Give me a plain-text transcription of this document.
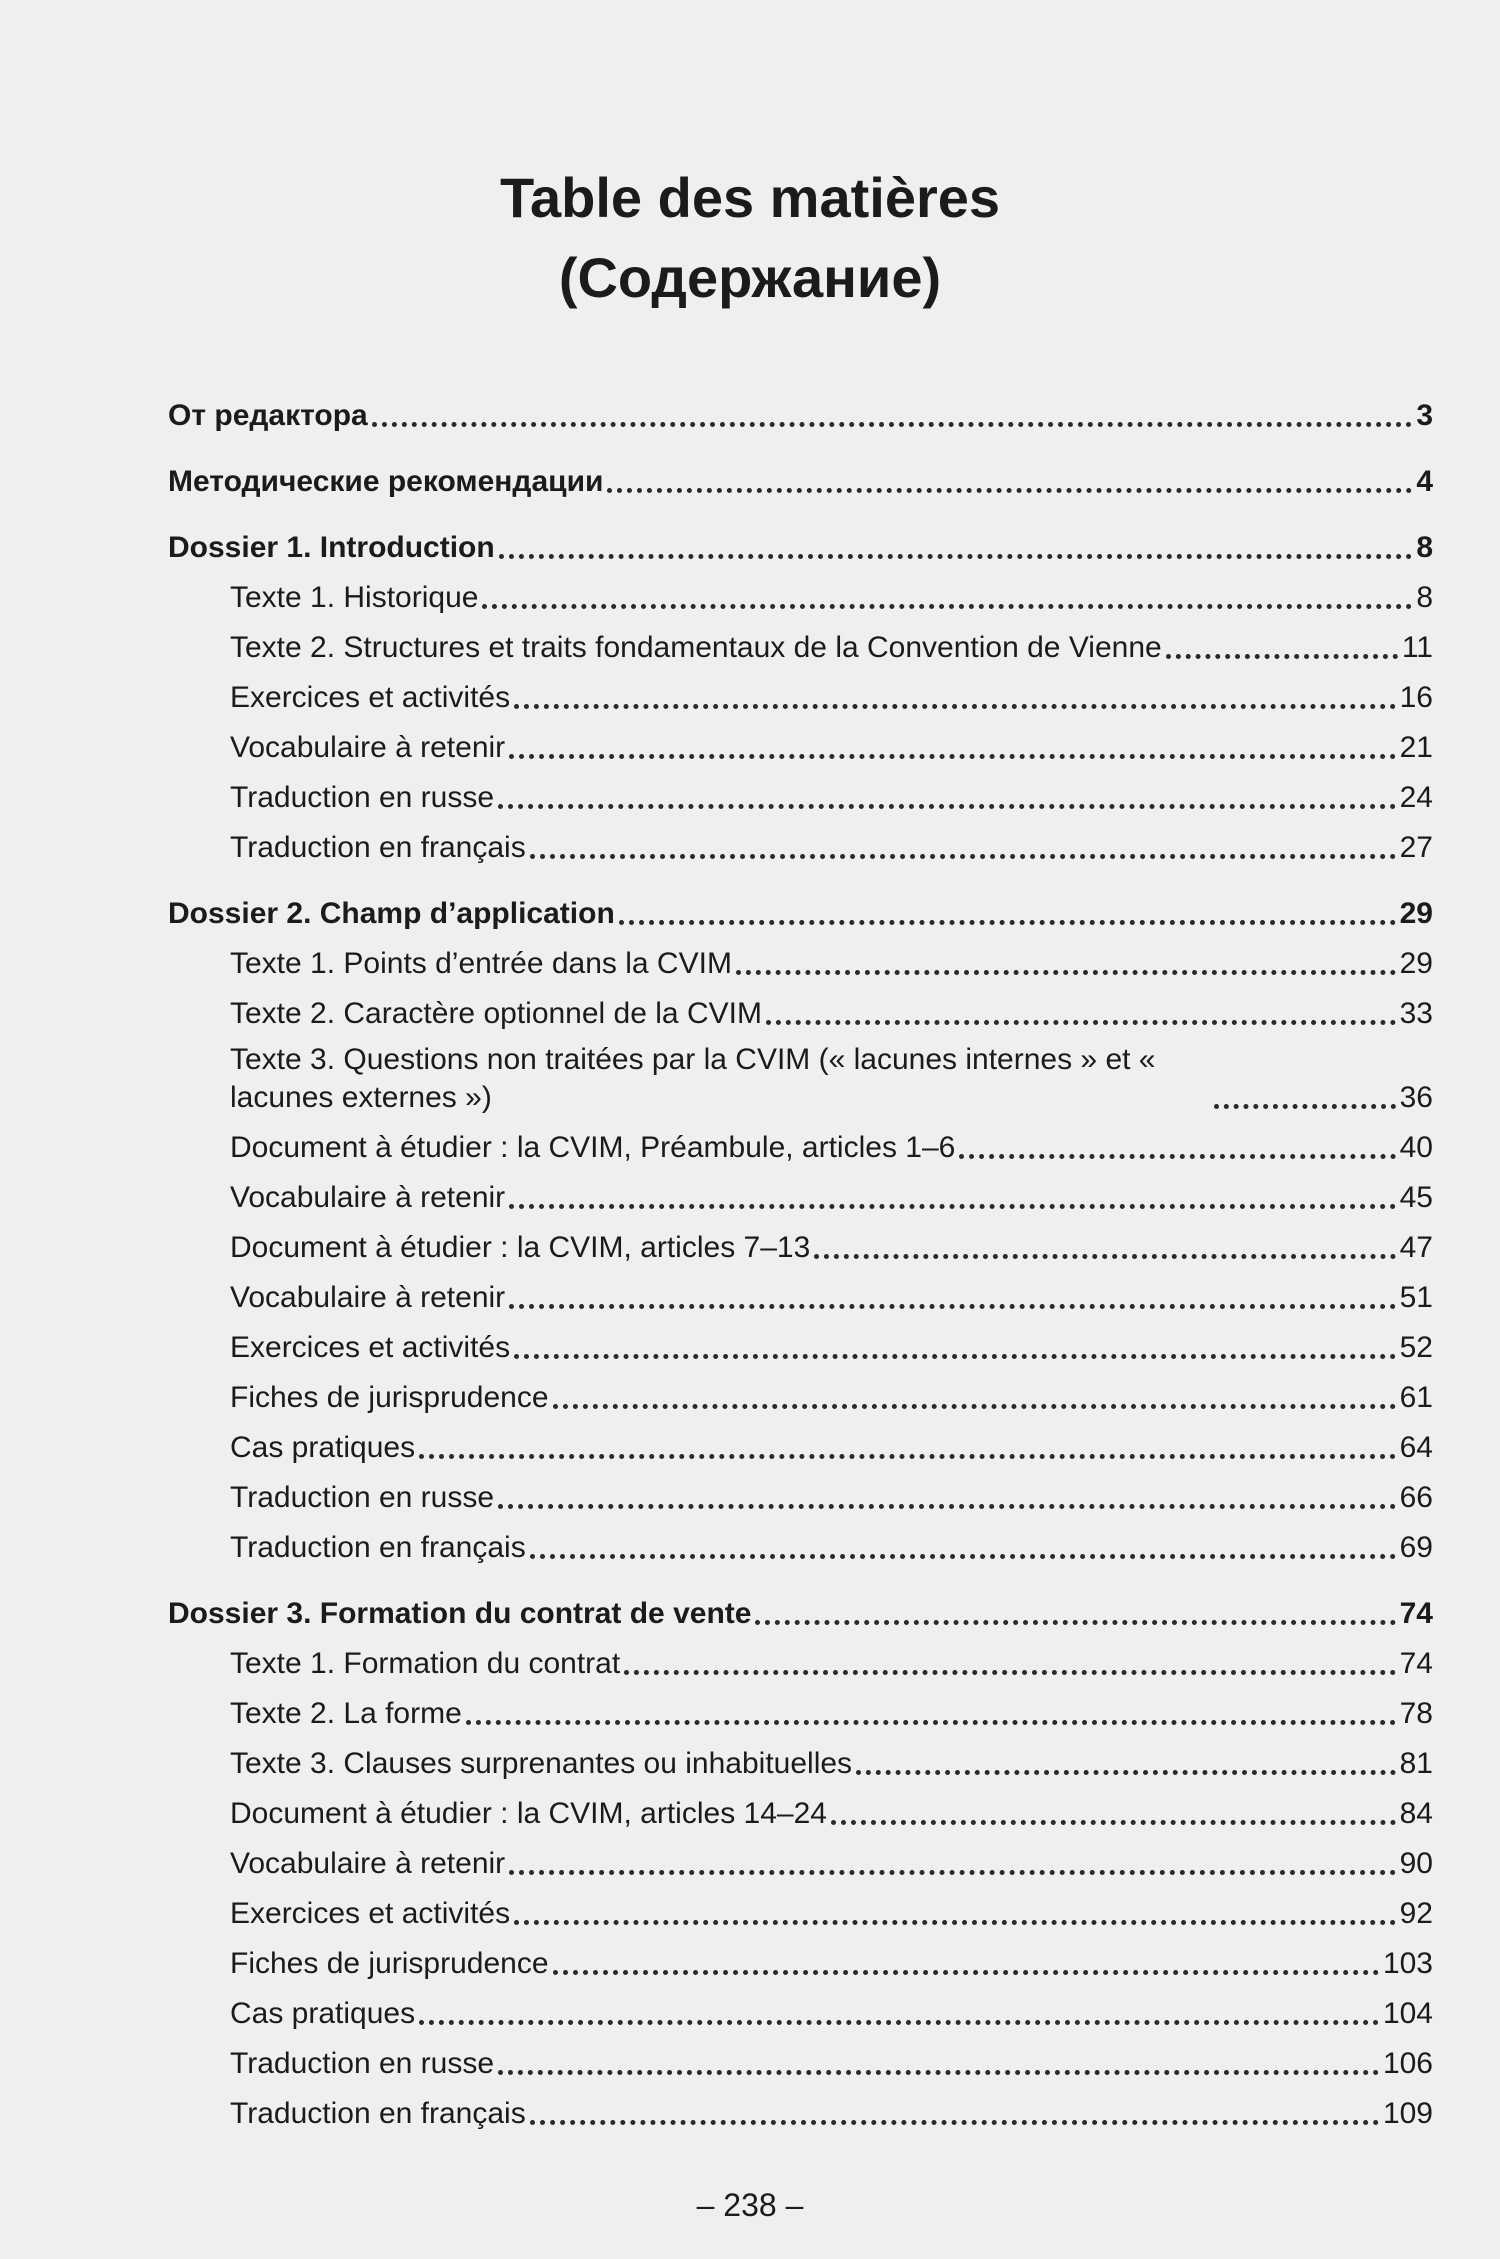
Table des matières
(Содержание)
От редактора	3
Методические рекомендации	4
Dossier 1. Introduction	8
Texte 1. Historique	8
Texte 2. Structures et traits fondamentaux de la Convention de Vienne	11
Exercices et activités	16
Vocabulaire à retenir	21
Traduction en russe	24
Traduction en français	27
Dossier 2. Champ d’application	29
Texte 1. Points d’entrée dans la CVIM	29
Texte 2. Caractère optionnel de la CVIM	33
Texte 3. Questions non traitées par la CVIM (« lacunes internes » et « lacunes externes »)	36
Document à étudier : la CVIM, Préambule, articles 1–6	40
Vocabulaire à retenir	45
Document à étudier : la CVIM, articles 7–13	47
Vocabulaire à retenir	51
Exercices et activités	52
Fiches de jurisprudence	61
Cas pratiques	64
Traduction en russe	66
Traduction en français	69
Dossier 3. Formation du contrat de vente	74
Texte 1. Formation du contrat	74
Texte 2. La forme	78
Texte 3. Clauses surprenantes ou inhabituelles	81
Document à étudier : la CVIM, articles 14–24	84
Vocabulaire à retenir	90
Exercices et activités	92
Fiches de jurisprudence	103
Cas pratiques	104
Traduction en russe	106
Traduction en français	109
– 238 –
